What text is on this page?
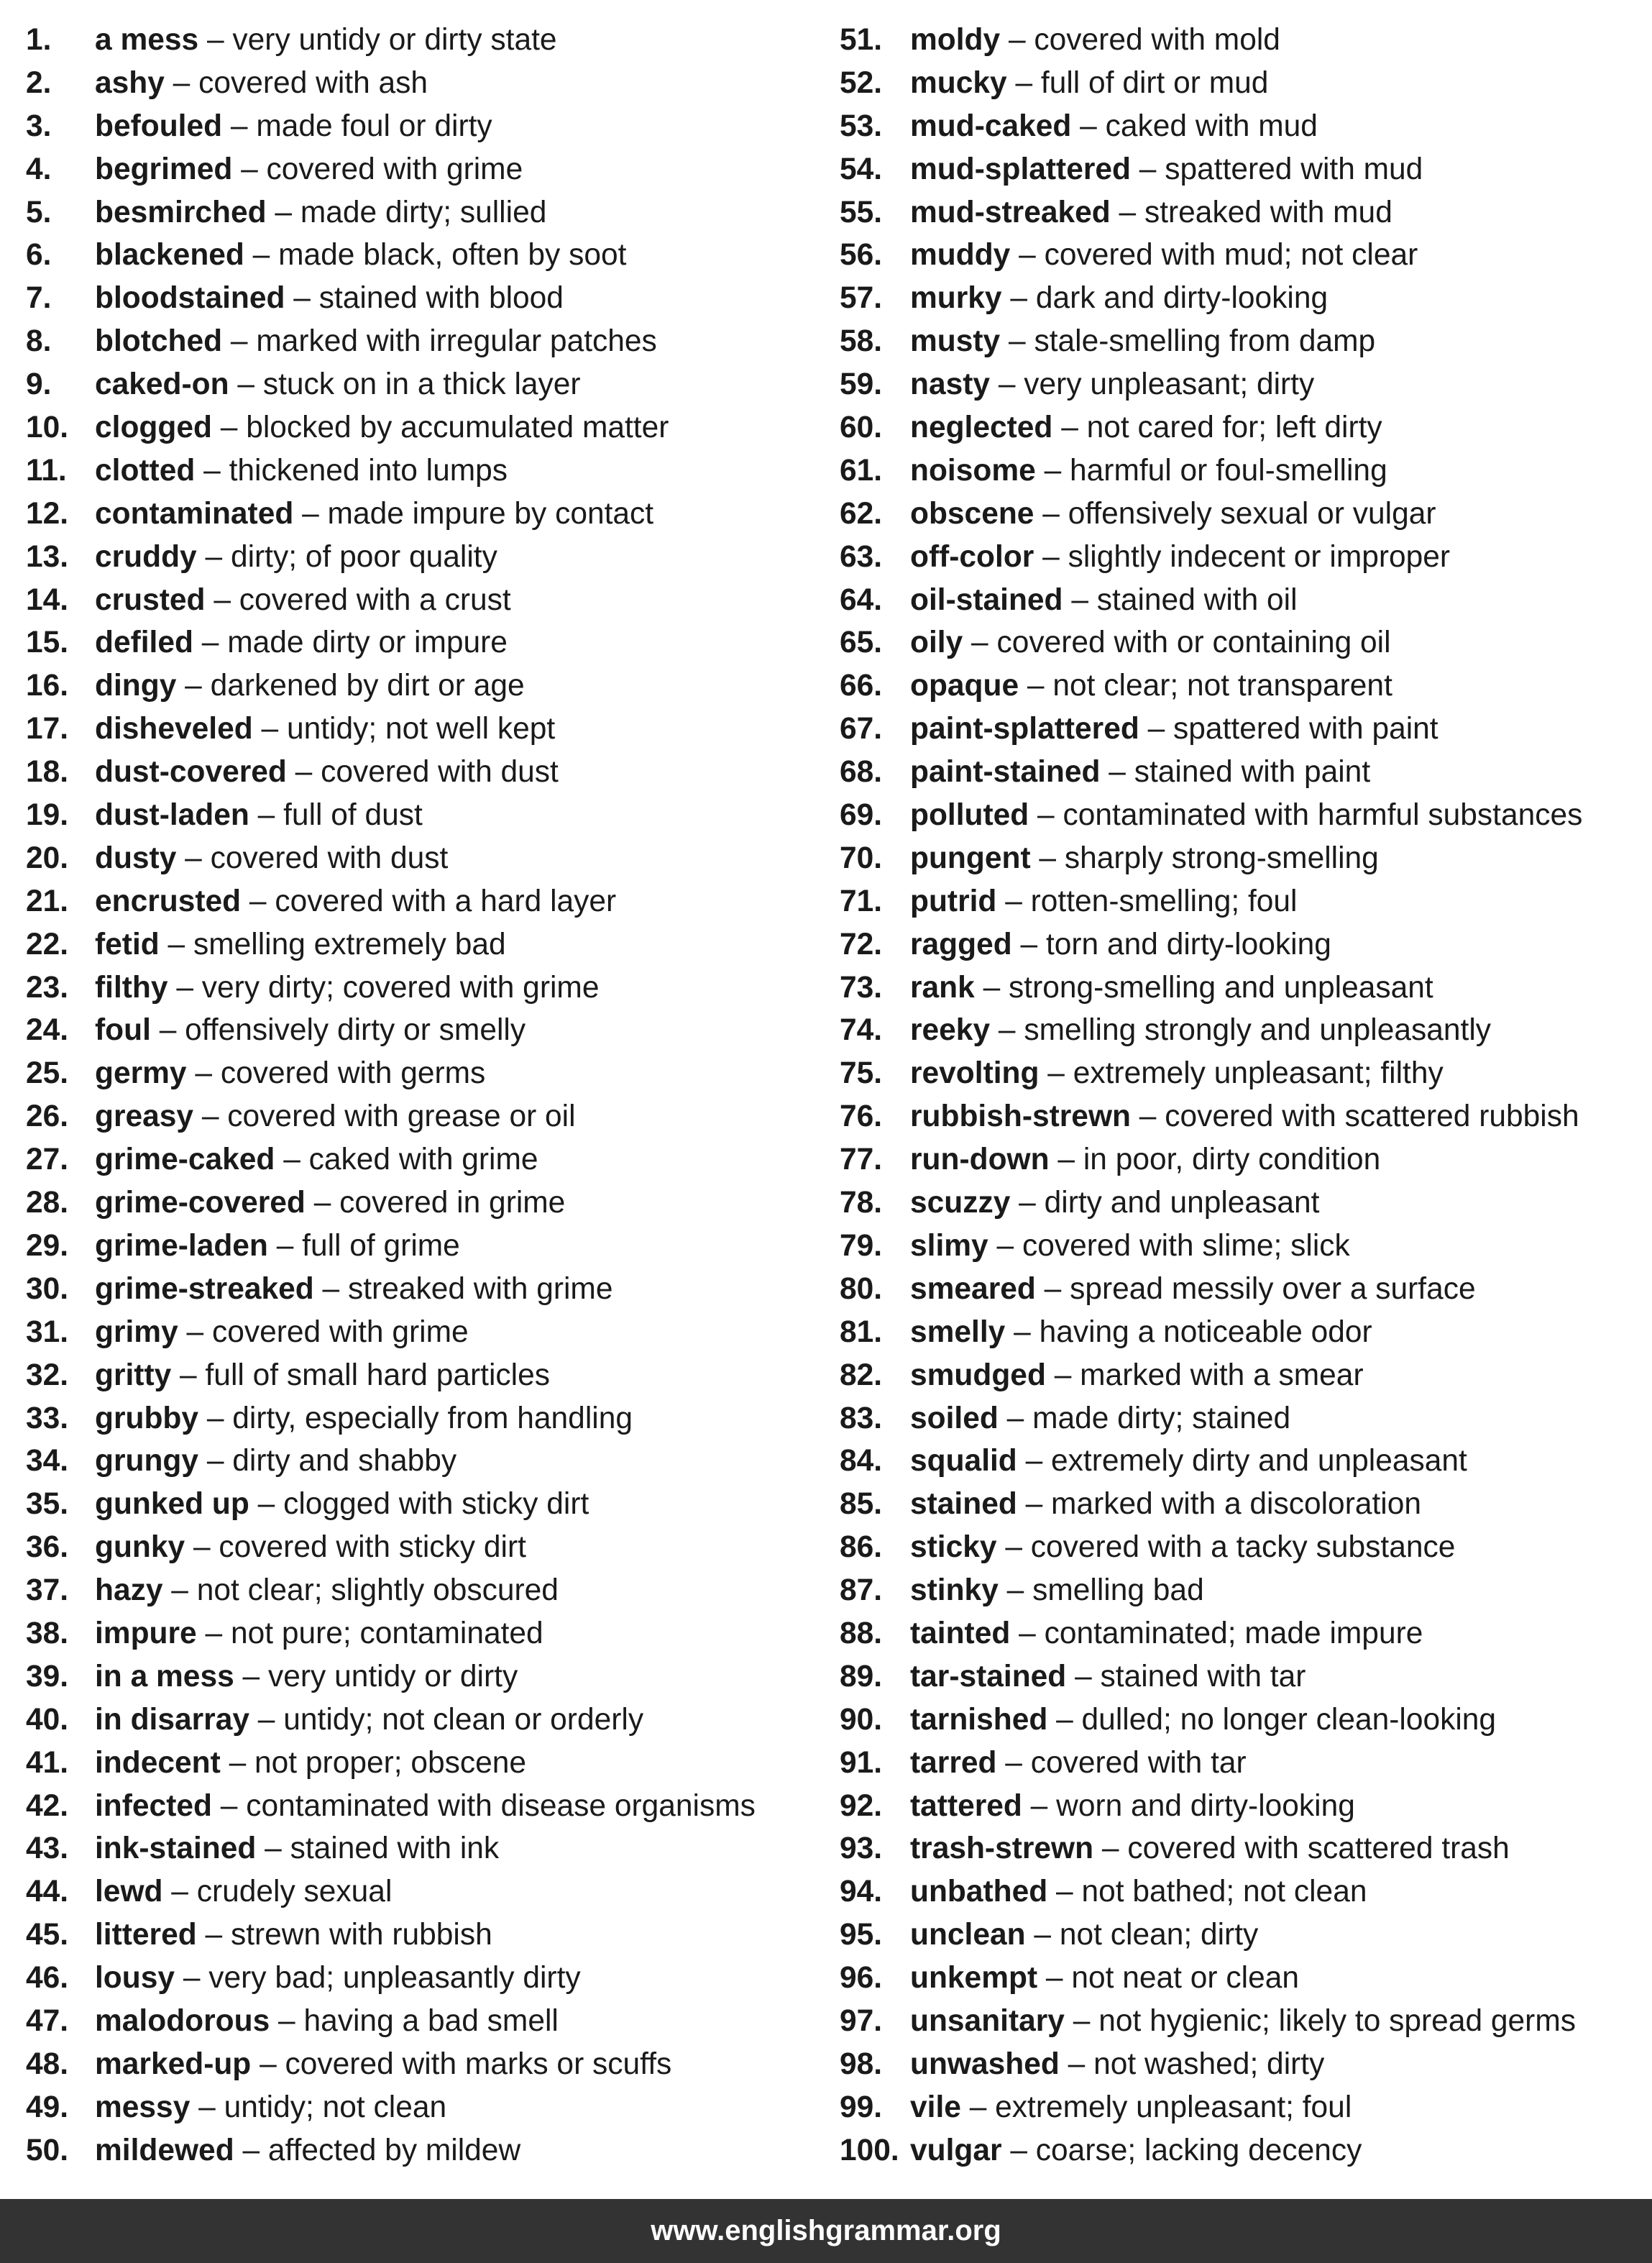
1.	a mess – very untidy or dirty state
2.	ashy – covered with ash
3.	befouled – made foul or dirty
4.	begrimed – covered with grime
5.	besmirched – made dirty; sullied
6.	blackened – made black, often by soot
7.	bloodstained – stained with blood
8.	blotched – marked with irregular patches
9.	caked-on – stuck on in a thick layer
10. clogged – blocked by accumulated matter
11. clotted – thickened into lumps
12. contaminated – made impure by contact
13. cruddy – dirty; of poor quality
14. crusted – covered with a crust
15. defiled – made dirty or impure
16. dingy – darkened by dirt or age
17. disheveled – untidy; not well kept
18. dust-covered – covered with dust
19. dust-laden – full of dust
20. dusty – covered with dust
21. encrusted – covered with a hard layer
22. fetid – smelling extremely bad
23. filthy – very dirty; covered with grime
24. foul – offensively dirty or smelly
25. germy – covered with germs
26. greasy – covered with grease or oil
27. grime-caked – caked with grime
28. grime-covered – covered in grime
29. grime-laden – full of grime
30. grime-streaked – streaked with grime
31. grimy – covered with grime
32. gritty – full of small hard particles
33. grubby – dirty, especially from handling
34. grungy – dirty and shabby
35. gunked up – clogged with sticky dirt
36. gunky – covered with sticky dirt
37. hazy – not clear; slightly obscured
38. impure – not pure; contaminated
39. in a mess – very untidy or dirty
40. in disarray – untidy; not clean or orderly
41. indecent – not proper; obscene
42. infected – contaminated with disease organisms
43. ink-stained – stained with ink
44. lewd – crudely sexual
45. littered – strewn with rubbish
46. lousy – very bad; unpleasantly dirty
47. malodorous – having a bad smell
48. marked-up – covered with marks or scuffs
49. messy – untidy; not clean
50. mildewed – affected by mildew
51. moldy – covered with mold
52. mucky – full of dirt or mud
53. mud-caked – caked with mud
54. mud-splattered – spattered with mud
55. mud-streaked – streaked with mud
56. muddy – covered with mud; not clear
57. murky – dark and dirty-looking
58. musty – stale-smelling from damp
59. nasty – very unpleasant; dirty
60. neglected – not cared for; left dirty
61. noisome – harmful or foul-smelling
62. obscene – offensively sexual or vulgar
63. off-color – slightly indecent or improper
64. oil-stained – stained with oil
65. oily – covered with or containing oil
66. opaque – not clear; not transparent
67. paint-splattered – spattered with paint
68. paint-stained – stained with paint
69. polluted – contaminated with harmful substances
70. pungent – sharply strong-smelling
71. putrid – rotten-smelling; foul
72. ragged – torn and dirty-looking
73. rank – strong-smelling and unpleasant
74. reeky – smelling strongly and unpleasantly
75. revolting – extremely unpleasant; filthy
76. rubbish-strewn – covered with scattered rubbish
77. run-down – in poor, dirty condition
78. scuzzy – dirty and unpleasant
79. slimy – covered with slime; slick
80. smeared – spread messily over a surface
81. smelly – having a noticeable odor
82. smudged – marked with a smear
83. soiled – made dirty; stained
84. squalid – extremely dirty and unpleasant
85. stained – marked with a discoloration
86. sticky – covered with a tacky substance
87. stinky – smelling bad
88. tainted – contaminated; made impure
89. tar-stained – stained with tar
90. tarnished – dulled; no longer clean-looking
91. tarred – covered with tar
92. tattered – worn and dirty-looking
93. trash-strewn – covered with scattered trash
94. unbathed – not bathed; not clean
95. unclean – not clean; dirty
96. unkempt – not neat or clean
97. unsanitary – not hygienic; likely to spread germs
98. unwashed – not washed; dirty
99. vile – extremely unpleasant; foul
100. vulgar – coarse; lacking decency
www.englishgrammar.org
